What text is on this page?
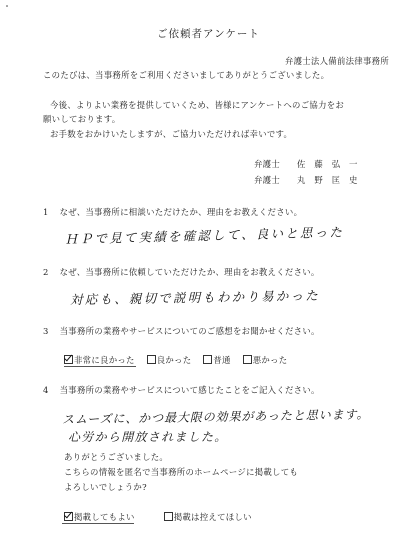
ご依頼者アンケート
弁護士法人備前法律事務所
このたびは、当事務所をご利用くださいましてありがとうございました。
今後、よりよい業務を提供していくため、皆様にアンケートへのご協力をお
願いしております。
お手数をおかけいたしますが、ご協力いただければ幸いです。
弁護士 佐　藤　弘　一
弁護士 丸　野　匡　史
1 なぜ、当事務所に相談いただけたか、理由をお教えください。
ＨＰで見て実績を確認して、良いと思った
2 なぜ、当事務所に依頼していただけたか、理由をお教えください。
対応も、親切で説明もわかり易かった
3 当事務所の業務やサービスについてのご感想をお聞かせください。
非常に良かった	良かった	普通	悪かった
4 当事務所の業務やサービスについて感じたことをご記入ください。
スムーズに、かつ最大限の効果があったと思います。
心労から開放されました。
ありがとうございました。
こちらの情報を匿名で当事務所のホームページに掲載しても
よろしいでしょうか?
掲載してもよい	掲載は控えてほしい
